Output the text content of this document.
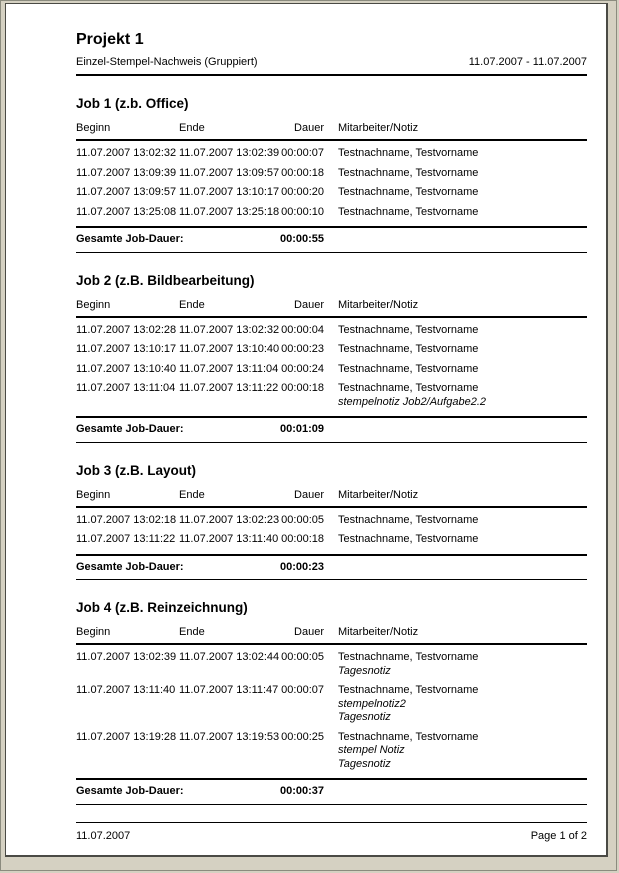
Projekt 1
Einzel-Stempel-Nachweis (Gruppiert)	11.07.2007 - 11.07.2007
Job 1 (z.b. Office)
Beginn	Ende	Dauer	Mitarbeiter/Notiz
11.07.2007 13:02:32	11.07.2007 13:02:39	00:00:07	Testnachname, Testvorname

11.07.2007 13:09:39	11.07.2007 13:09:57	00:00:18	Testnachname, Testvorname

11.07.2007 13:09:57	11.07.2007 13:10:17	00:00:20	Testnachname, Testvorname

11.07.2007 13:25:08	11.07.2007 13:25:18	00:00:10	Testnachname, Testvorname

Gesamte Job-Dauer:		00:00:55	
Job 2 (z.B. Bildbearbeitung)
Beginn	Ende	Dauer	Mitarbeiter/Notiz
11.07.2007 13:02:28	11.07.2007 13:02:32	00:00:04	Testnachname, Testvorname

11.07.2007 13:10:17	11.07.2007 13:10:40	00:00:23	Testnachname, Testvorname

11.07.2007 13:10:40	11.07.2007 13:11:04	00:00:24	Testnachname, Testvorname

11.07.2007 13:11:04	11.07.2007 13:11:22	00:00:18	Testnachname, Testvorname
stempelnotiz Job2/Aufgabe2.2

Gesamte Job-Dauer:		00:01:09	
Job 3 (z.B. Layout)
Beginn	Ende	Dauer	Mitarbeiter/Notiz
11.07.2007 13:02:18	11.07.2007 13:02:23	00:00:05	Testnachname, Testvorname

11.07.2007 13:11:22	11.07.2007 13:11:40	00:00:18	Testnachname, Testvorname

Gesamte Job-Dauer:		00:00:23	
Job 4 (z.B. Reinzeichnung)
Beginn	Ende	Dauer	Mitarbeiter/Notiz
11.07.2007 13:02:39	11.07.2007 13:02:44	00:00:05	Testnachname, Testvorname
Tagesnotiz

11.07.2007 13:11:40	11.07.2007 13:11:47	00:00:07	Testnachname, Testvorname
stempelnotiz2
Tagesnotiz

11.07.2007 13:19:28	11.07.2007 13:19:53	00:00:25	Testnachname, Testvorname
stempel Notiz
Tagesnotiz

Gesamte Job-Dauer:		00:00:37	
11.07.2007	Page 1 of 2
